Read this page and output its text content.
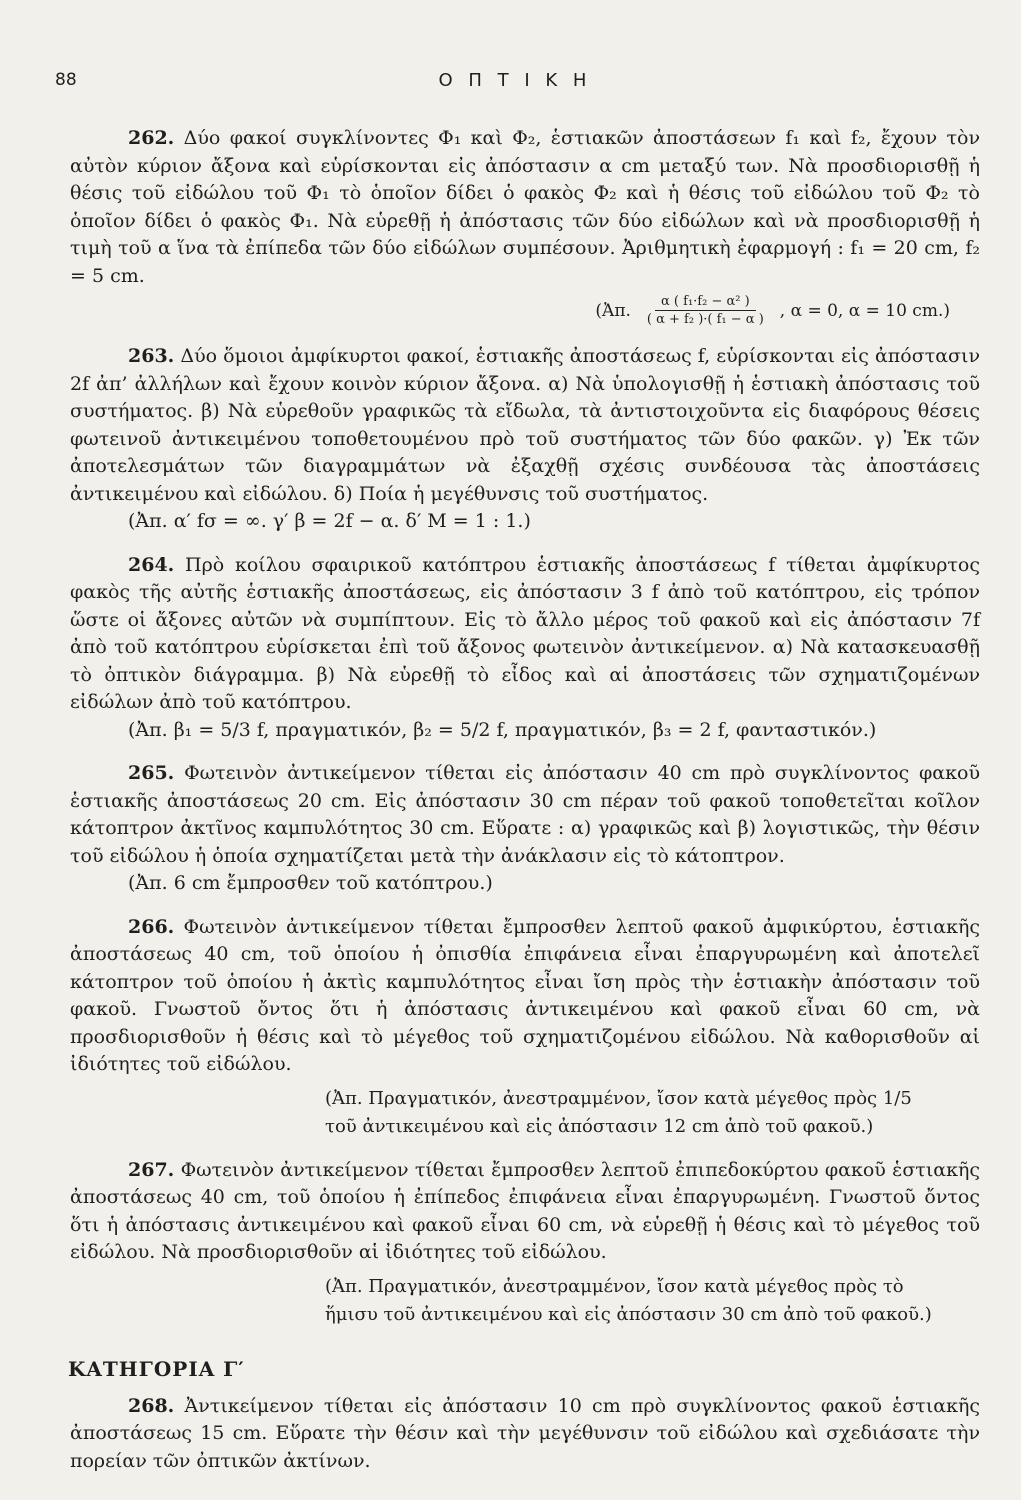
88	Ο Π Τ Ι Κ Η

262. Δύο φακοί συγκλίνοντες Φ₁ καὶ Φ₂, ἑστιακῶν ἀποστάσεων f₁ καὶ f₂, ἔχουν τὸν αὐτὸν κύριον ἄξονα καὶ εὑρίσκονται εἰς ἀπόστασιν α cm μεταξύ των. Νὰ προσδιορισθῇ ἡ θέσις τοῦ εἰδώλου τοῦ Φ₁ τὸ ὁποῖον δίδει ὁ φακὸς Φ₂ καὶ ἡ θέσις τοῦ εἰδώλου τοῦ Φ₂ τὸ ὁποῖον δίδει ὁ φακὸς Φ₁. Νὰ εὑρεθῇ ἡ ἀπόστασις τῶν δύο εἰδώλων καὶ νὰ προσδιορισθῇ ἡ τιμὴ τοῦ α ἵνα τὰ ἐπίπεδα τῶν δύο εἰδώλων συμπέσουν. Ἀριθμητικὴ ἐφαρμογή : f₁ = 20 cm, f₂ = 5 cm.

(Ἀπ. $\frac{\text{α ( f₁·f₂ − α² )}}{\text{( α + f₂ )·( f₁ − α )}}$ , α = 0, α = 10 cm.)

263. Δύο ὅμοιοι ἀμφίκυρτοι φακοί, ἑστιακῆς ἀποστάσεως f, εὑρίσκονται εἰς ἀπόστασιν 2f ἀπ’ ἀλλήλων καὶ ἔχουν κοινὸν κύριον ἄξονα. α) Νὰ ὑπολογισθῇ ἡ ἑστιακὴ ἀπόστασις τοῦ συστήματος. β) Νὰ εὑρεθοῦν γραφικῶς τὰ εἴδωλα, τὰ ἀντιστοιχοῦντα εἰς διαφόρους θέσεις φωτεινοῦ ἀντικειμένου τοποθετουμένου πρὸ τοῦ συστήματος τῶν δύο φακῶν. γ) Ἐκ τῶν ἀποτελεσμάτων τῶν διαγραμμάτων νὰ ἐξαχθῇ σχέσις συνδέουσα τὰς ἀποστάσεις ἀντικειμένου καὶ εἰδώλου. δ) Ποία ἡ μεγέθυνσις τοῦ συστήματος.

(Ἀπ. α′ fσ = ∞. γ′ β = 2f − α. δ′ M = 1 : 1.)

264. Πρὸ κοίλου σφαιρικοῦ κατόπτρου ἑστιακῆς ἀποστάσεως f τίθεται ἀμφίκυρτος φακὸς τῆς αὐτῆς ἑστιακῆς ἀποστάσεως, εἰς ἀπόστασιν 3 f ἀπὸ τοῦ κατόπτρου, εἰς τρόπον ὥστε οἱ ἄξονες αὐτῶν νὰ συμπίπτουν. Εἰς τὸ ἄλλο μέρος τοῦ φακοῦ καὶ εἰς ἀπόστασιν 7f ἀπὸ τοῦ κατόπτρου εὑρίσκεται ἐπὶ τοῦ ἄξονος φωτεινὸν ἀντικείμενον. α) Νὰ κατασκευασθῇ τὸ ὀπτικὸν διάγραμμα. β) Νὰ εὑρεθῇ τὸ εἶδος καὶ αἱ ἀποστάσεις τῶν σχηματιζομένων εἰδώλων ἀπὸ τοῦ κατόπτρου.

(Ἀπ. β₁ = 5/3 f, πραγματικόν, β₂ = 5/2 f, πραγματικόν, β₃ = 2 f, φανταστικόν.)

265. Φωτεινὸν ἀντικείμενον τίθεται εἰς ἀπόστασιν 40 cm πρὸ συγκλίνοντος φακοῦ ἑστιακῆς ἀποστάσεως 20 cm. Εἰς ἀπόστασιν 30 cm πέραν τοῦ φακοῦ τοποθετεῖται κοῖλον κάτοπτρον ἀκτῖνος καμπυλότητος 30 cm. Εὕρατε : α) γραφικῶς καὶ β) λογιστικῶς, τὴν θέσιν τοῦ εἰδώλου ἡ ὁποία σχηματίζεται μετὰ τὴν ἀνάκλασιν εἰς τὸ κάτοπτρον.

(Ἀπ. 6 cm ἔμπροσθεν τοῦ κατόπτρου.)

266. Φωτεινὸν ἀντικείμενον τίθεται ἔμπροσθεν λεπτοῦ φακοῦ ἀμφικύρτου, ἑστιακῆς ἀποστάσεως 40 cm, τοῦ ὁποίου ἡ ὀπισθία ἐπιφάνεια εἶναι ἐπαργυρωμένη καὶ ἀποτελεῖ κάτοπτρον τοῦ ὁποίου ἡ ἀκτὶς καμπυλότητος εἶναι ἴση πρὸς τὴν ἑστιακὴν ἀπόστασιν τοῦ φακοῦ. Γνωστοῦ ὄντος ὅτι ἡ ἀπόστασις ἀντικειμένου καὶ φακοῦ εἶναι 60 cm, νὰ προσδιορισθοῦν ἡ θέσις καὶ τὸ μέγεθος τοῦ σχηματιζομένου εἰδώλου. Νὰ καθορισθοῦν αἱ ἰδιότητες τοῦ εἰδώλου.

(Ἀπ. Πραγματικόν, ἀνεστραμμένον, ἴσον κατὰ μέγεθος πρὸς 1/5
τοῦ ἀντικειμένου καὶ εἰς ἀπόστασιν 12 cm ἀπὸ τοῦ φακοῦ.)

267. Φωτεινὸν ἀντικείμενον τίθεται ἔμπροσθεν λεπτοῦ ἐπιπεδοκύρτου φακοῦ ἑστιακῆς ἀποστάσεως 40 cm, τοῦ ὁποίου ἡ ἐπίπεδος ἐπιφάνεια εἶναι ἐπαργυρωμένη. Γνωστοῦ ὄντος ὅτι ἡ ἀπόστασις ἀντικειμένου καὶ φακοῦ εἶναι 60 cm, νὰ εὑρεθῇ ἡ θέσις καὶ τὸ μέγεθος τοῦ εἰδώλου. Νὰ προσδιορισθοῦν αἱ ἰδιότητες τοῦ εἰδώλου.

(Ἀπ. Πραγματικόν, ἀνεστραμμένον, ἴσον κατὰ μέγεθος πρὸς τὸ
ἥμισυ τοῦ ἀντικειμένου καὶ εἰς ἀπόστασιν 30 cm ἀπὸ τοῦ φακοῦ.)
ΚΑΤΗΓΟΡΙΑ Γ′

268. Ἀντικείμενον τίθεται εἰς ἀπόστασιν 10 cm πρὸ συγκλίνοντος φακοῦ ἑστιακῆς ἀποστάσεως 15 cm. Εὕρατε τὴν θέσιν καὶ τὴν μεγέθυνσιν τοῦ εἰδώλου καὶ σχεδιάσατε τὴν πορείαν τῶν ὀπτικῶν ἀκτίνων.
